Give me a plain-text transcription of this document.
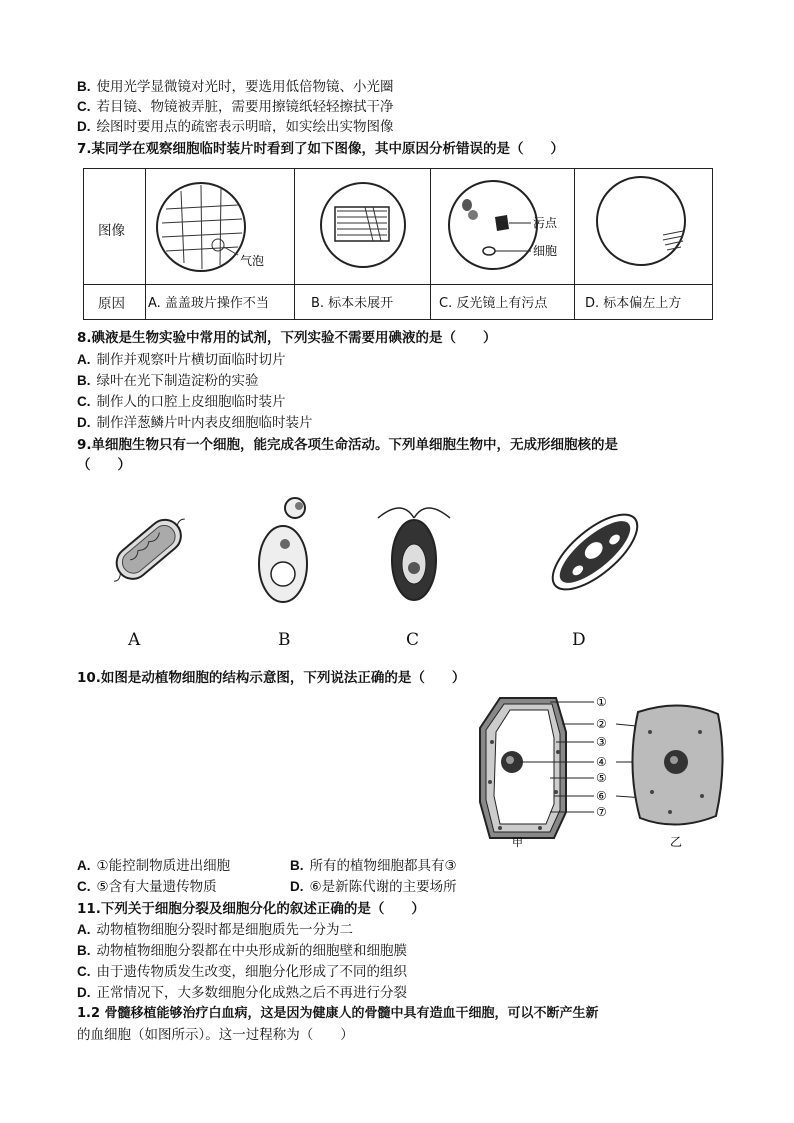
B. 使用光学显微镜对光时，要选用低倍物镜、小光圈
C. 若目镜、物镜被弄脏，需要用擦镜纸轻轻擦拭干净
D. 绘图时要用点的疏密表示明暗，如实绘出实物图像
7.某同学在观察细胞临时装片时看到了如下图像，其中原因分析错误的是（　　）
图像
气泡
污点
细胞
原因 A. 盖盖玻片操作不当	B. 标本未展开	C. 反光镜上有污点	D. 标本偏左上方
8.碘液是生物实验中常用的试剂，下列实验不需要用碘液的是（　　）
A. 制作并观察叶片横切面临时切片
B. 绿叶在光下制造淀粉的实验
C. 制作人的口腔上皮细胞临时装片
D. 制作洋葱鳞片叶内表皮细胞临时装片
9.单细胞生物只有一个细胞，能完成各项生命活动。下列单细胞生物中，无成形细胞核的是
（　　）
A	B	C	D
10.如图是动植物细胞的结构示意图，下列说法正确的是（　　）
①
②
③
④
⑤
⑥
⑦
甲	乙
A. ①能控制物质进出细胞	B. 所有的植物细胞都具有③
C. ⑤含有大量遗传物质	D. ⑥是新陈代谢的主要场所
11.下列关于细胞分裂及细胞分化的叙述正确的是（　　）
A. 动物植物细胞分裂时都是细胞质先一分为二
B. 动物植物细胞分裂都在中央形成新的细胞壁和细胞膜
C. 由于遗传物质发生改变，细胞分化形成了不同的组织
D. 正常情况下，大多数细胞分化成熟之后不再进行分裂
1.2 骨髓移植能够治疗白血病，这是因为健康人的骨髓中具有造血干细胞，可以不断产生新
的血细胞（如图所示）。这一过程称为（　　）
